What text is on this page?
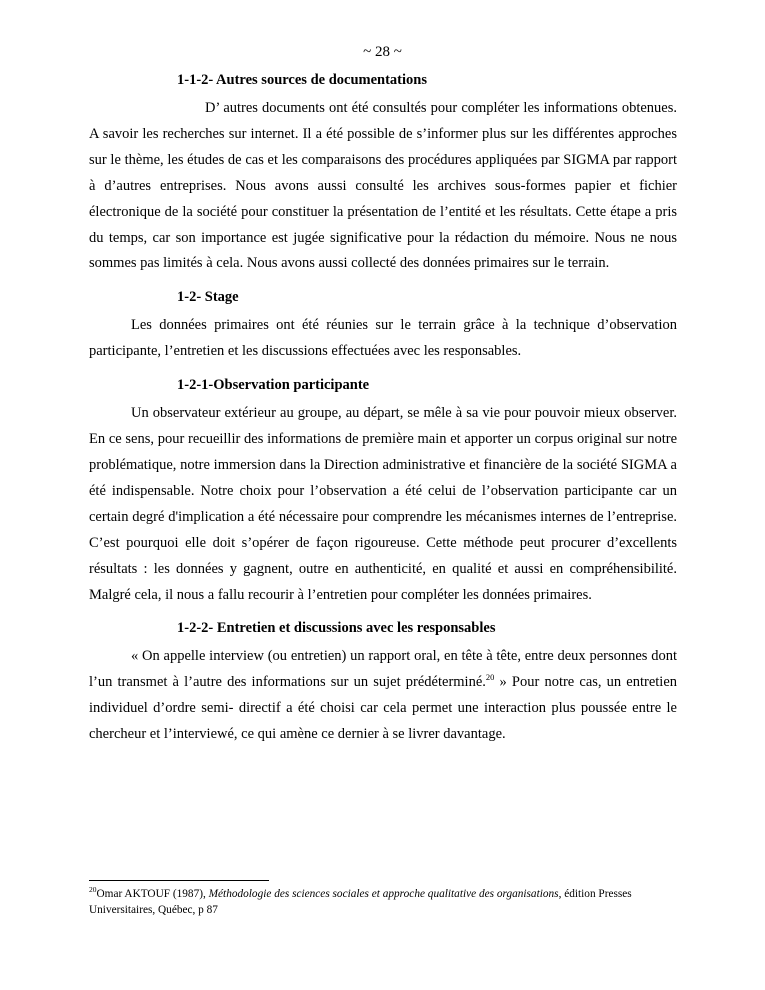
~ 28 ~
1-1-2- Autres sources de documentations

D’ autres documents ont été consultés pour compléter les informations obtenues. A savoir les recherches sur internet. Il a été possible de s’informer plus sur les différentes approches sur le thème, les études de cas et les comparaisons des procédures appliquées par SIGMA par rapport à d’autres entreprises. Nous avons aussi consulté les archives sous-formes papier et fichier électronique de la société pour constituer la présentation de l’entité et les résultats. Cette étape a pris du temps, car son importance est jugée significative pour la rédaction du mémoire. Nous ne nous sommes pas limités à cela. Nous avons aussi collecté des données primaires sur le terrain.

1-2- Stage

Les données primaires ont été réunies sur le terrain grâce à la technique d’observation participante, l’entretien et les discussions effectuées avec les responsables.

1-2-1-Observation participante

Un observateur extérieur au groupe, au départ, se mêle à sa vie pour pouvoir mieux observer. En ce sens, pour recueillir des informations de première main et apporter un corpus original sur notre problématique, notre immersion dans la Direction administrative et financière de la société SIGMA a été indispensable. Notre choix pour l’observation a été celui de l’observation participante car un certain degré d'implication a été nécessaire pour comprendre les mécanismes internes de l’entreprise. C’est pourquoi elle doit s’opérer de façon rigoureuse. Cette méthode peut procurer d’excellents résultats : les données y gagnent, outre en authenticité, en qualité et aussi en compréhensibilité. Malgré cela, il nous a fallu recourir à l’entretien pour compléter les données primaires.

1-2-2- Entretien et discussions avec les responsables

« On appelle interview (ou entretien) un rapport oral, en tête à tête, entre deux personnes dont l’un transmet à l’autre des informations sur un sujet prédéterminé.$^{20}$ » Pour notre cas, un entretien individuel d’ordre semi- directif a été choisi car cela permet une interaction plus poussée entre le chercheur et l’interviewé, ce qui amène ce dernier à se livrer davantage.

$^{20}$Omar AKTOUF (1987), Méthodologie des sciences sociales et approche qualitative des organisations, édition Presses Universitaires, Québec, p 87
